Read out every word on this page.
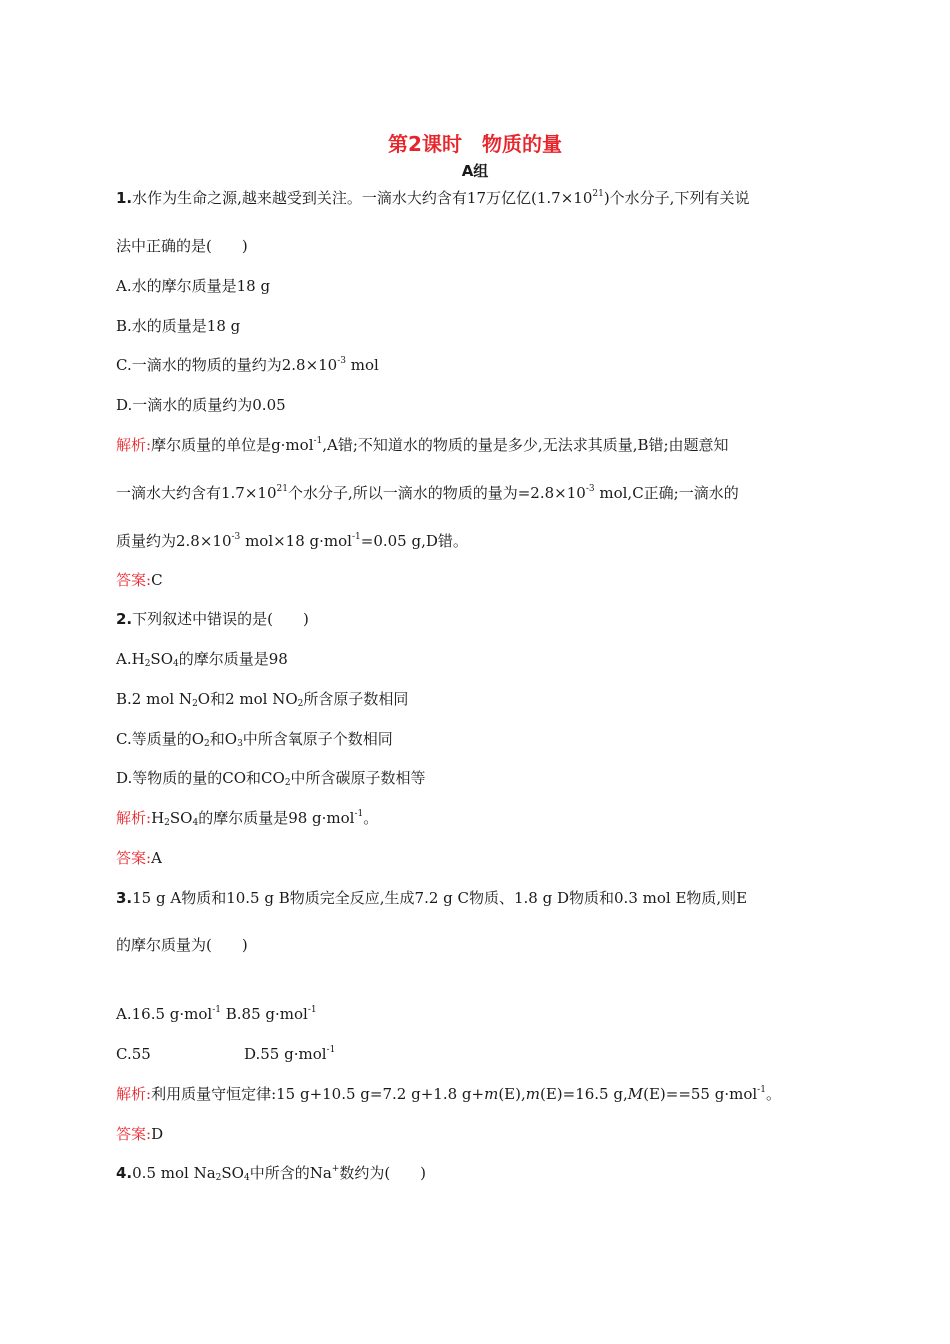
第2课时　物质的量
A组
1.水作为生命之源,越来越受到关注。一滴水大约含有17万亿亿$(1.7\times 10^{21})$个水分子,下列有关说
法中正确的是(　　)
A.水的摩尔质量是18 g
B.水的质量是18 g
C.一滴水的物质的量约为$2.8\times 10^{-3}$ mol
D.一滴水的质量约为0.05
解析:摩尔质量的单位是g·mol$^{-1}$,A错;不知道水的物质的量是多少,无法求其质量,B错;由题意知
一滴水大约含有$1.7\times 10^{21}$个水分子,所以一滴水的物质的量为$=2.8\times 10^{-3}$ mol,C正确;一滴水的
质量约为$2.8\times 10^{-3}$ mol×18 g·mol$^{-1}$=0.05 g,D错。
答案:C
2.下列叙述中错误的是(　　)
$A.H_2SO_4$的摩尔质量是98
B.2 mol $N_2O$和2 mol $NO_2$所含原子数相同
C.等质量的$O_2$和$O_3$中所含氧原子个数相同
D.等物质的量的CO和$CO_2$中所含碳原子数相等
解析$:H_2SO_4$的摩尔质量是98 g·mol$^{-1}$。
答案:A
3.15 g A物质和10.5 g B物质完全反应,生成7.2 g C物质、1.8 g D物质和0.3 mol E物质,则E
的摩尔质量为(　　)
A.16.5 g·mol$^{-1}$ B.85 g·mol$^{-1}$
C.55	D.55 g·mol$^{-1}$
解析:利用质量守恒定律:15 g+10.5 g=7.2 g+1.8 g+m(E),m(E)=16.5 g,M(E)==55 g·mol$^{-1}$。
答案:D
4.0.5 mol $Na_2SO_4$中所含的Na+数约为(　　)
